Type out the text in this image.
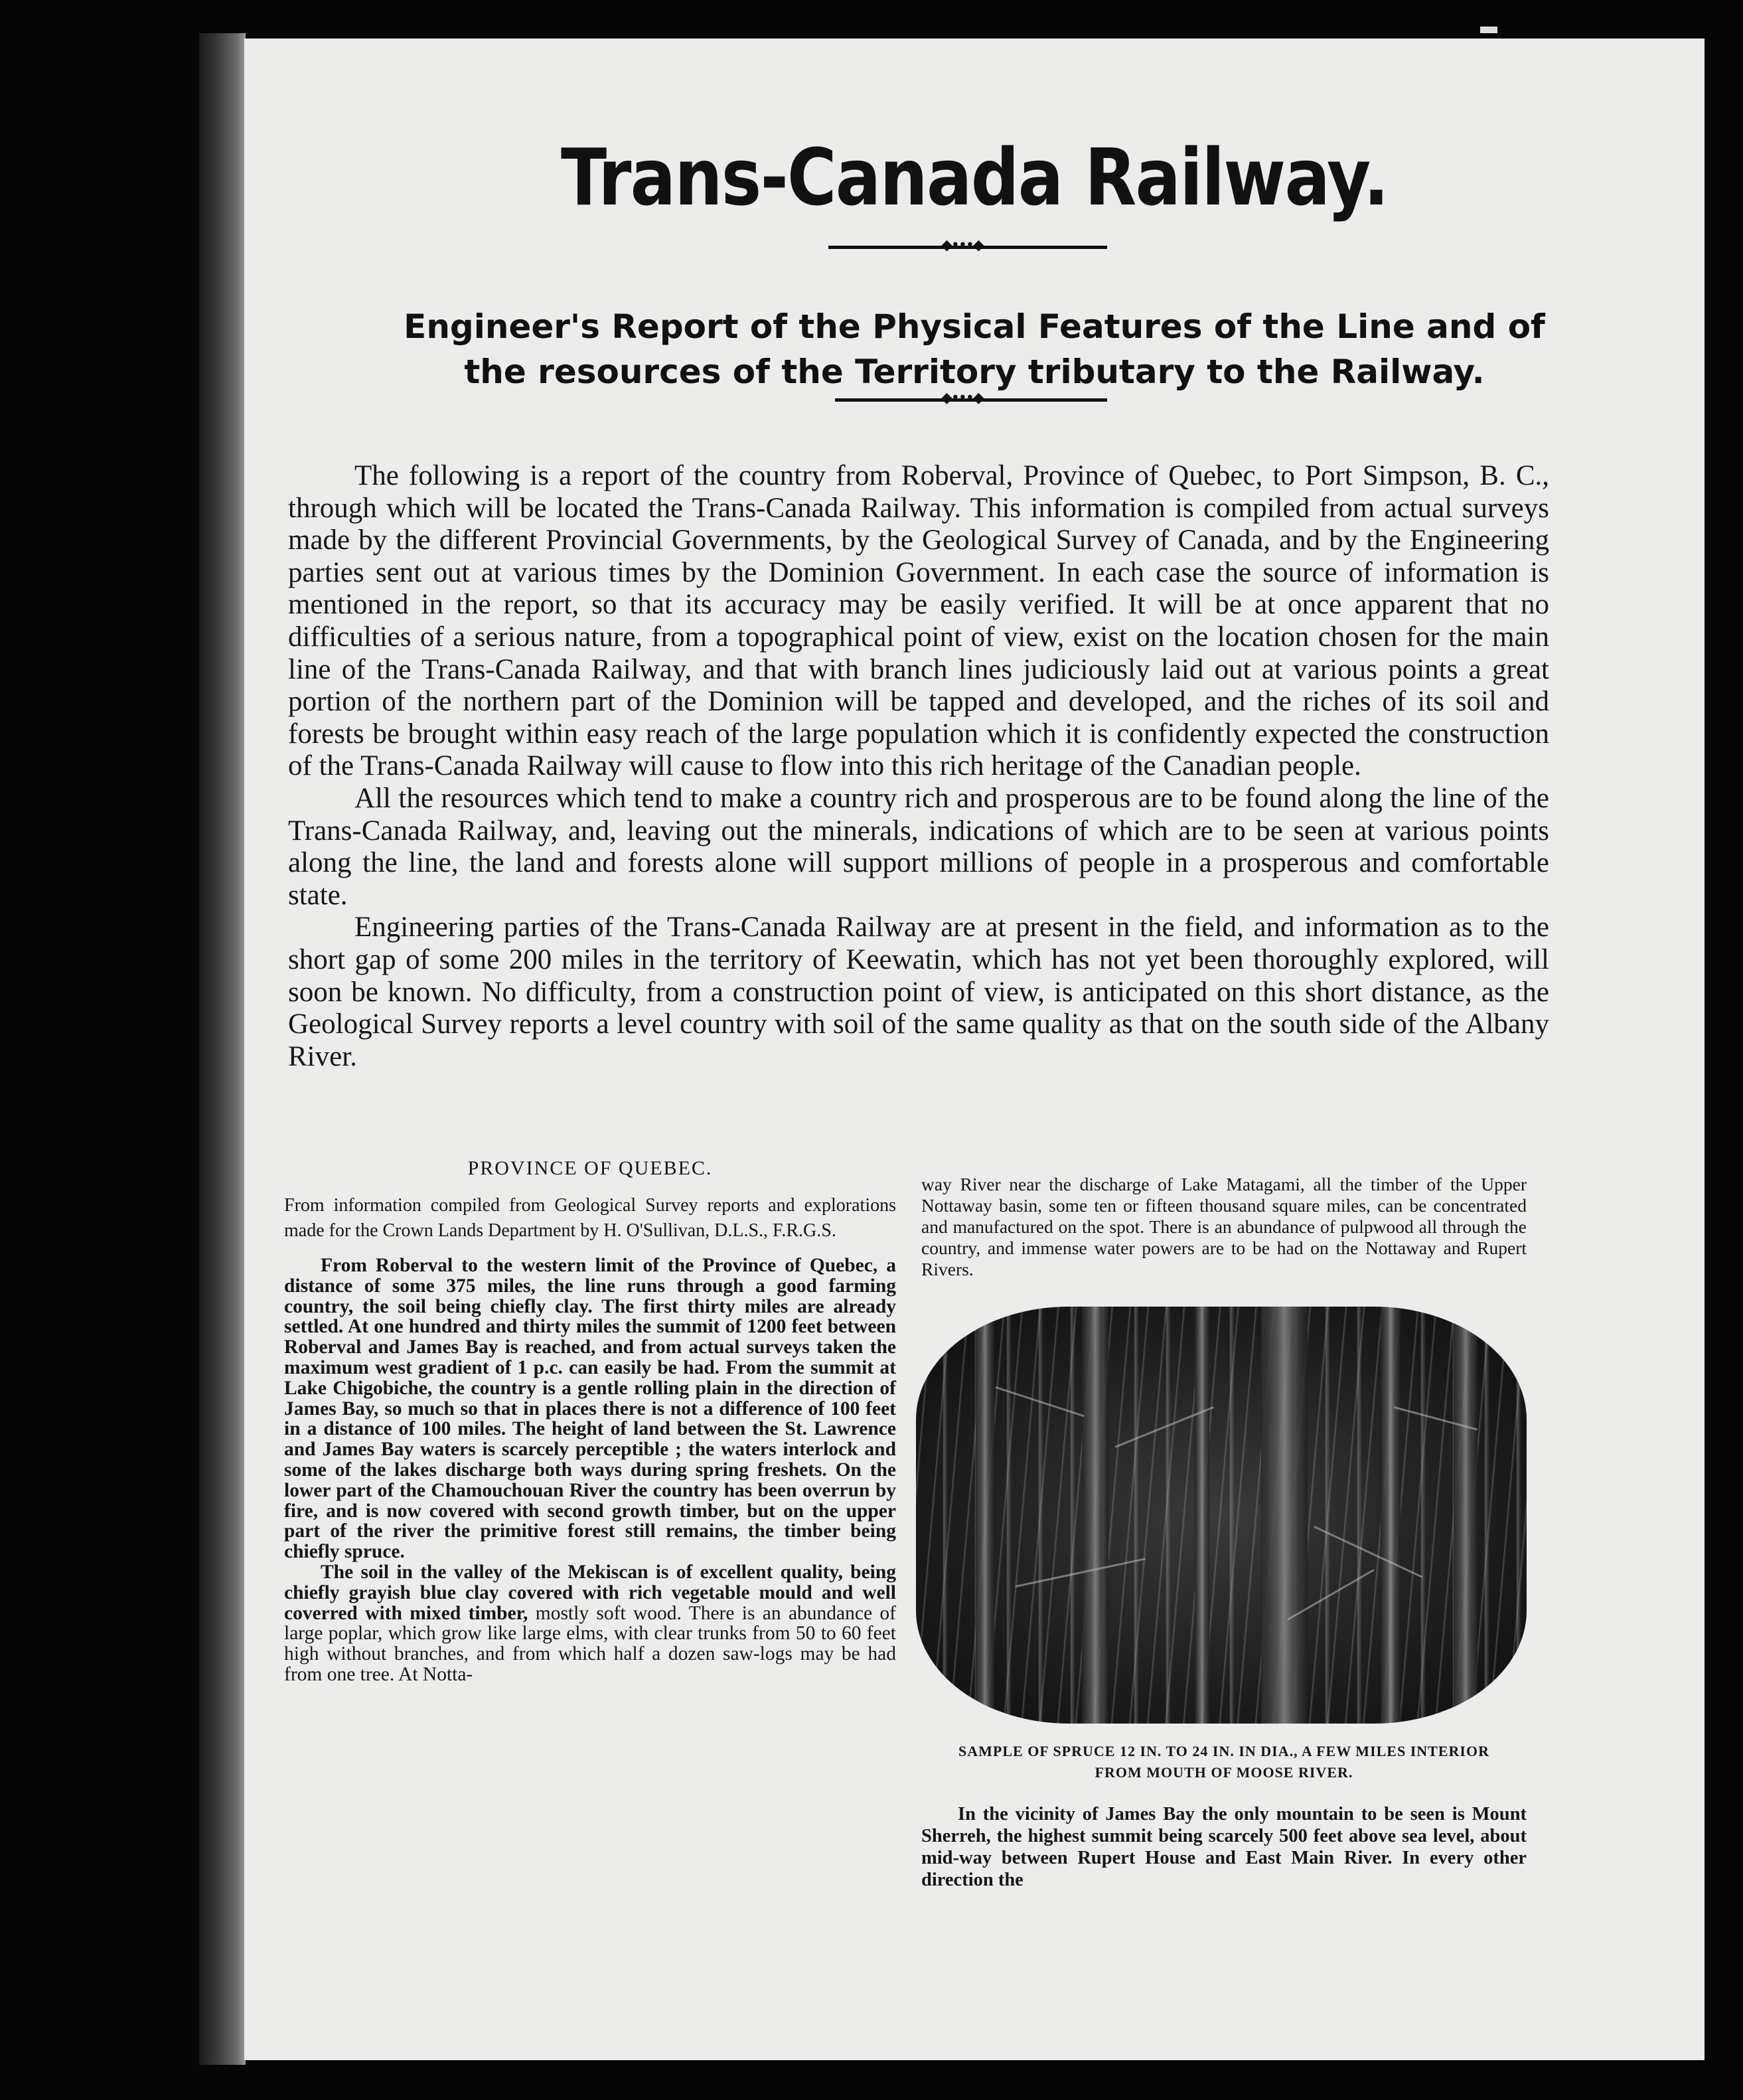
Trans-Canada Railway.
◆•••◆
Engineer's Report of the Physical Features of the Line and of
the resources of the Territory tributary to the Railway.
◆•••◆

The following is a report of the country from Roberval, Province of Quebec, to Port Simpson, B. C., through which will be located the Trans-Canada Railway. This information is compiled from actual surveys made by the different Provincial Governments, by the Geological Survey of Canada, and by the Engineering parties sent out at various times by the Dominion Government. In each case the source of information is mentioned in the report, so that its accuracy may be easily verified. It will be at once apparent that no difficulties of a serious nature, from a topographical point of view, exist on the location chosen for the main line of the Trans-Canada Railway, and that with branch lines judiciously laid out at various points a great portion of the northern part of the Dominion will be tapped and developed, and the riches of its soil and forests be brought within easy reach of the large population which it is confidently expected the construction of the Trans-Canada Railway will cause to flow into this rich heritage of the Canadian people.

All the resources which tend to make a country rich and prosperous are to be found along the line of the Trans-Canada Railway, and, leaving out the minerals, indications of which are to be seen at various points along the line, the land and forests alone will support millions of people in a prosperous and comfortable state.

Engineering parties of the Trans-Canada Railway are at present in the field, and information as to the short gap of some 200 miles in the territory of Keewatin, which has not yet been thoroughly explored, will soon be known. No difficulty, from a construction point of view, is anticipated on this short distance, as the Geological Survey reports a level country with soil of the same quality as that on the south side of the Albany River.

PROVINCE OF QUEBEC.

From information compiled from Geological Survey reports and explorations made for the Crown Lands Department by H. O'Sullivan, D.L.S., F.R.G.S.

From Roberval to the western limit of the Province of Quebec, a distance of some 375 miles, the line runs through a good farming country, the soil being chiefly clay. The first thirty miles are already settled. At one hundred and thirty miles the summit of 1200 feet between Roberval and James Bay is reached, and from actual surveys taken the maximum west gradient of 1 p.c. can easily be had. From the summit at Lake Chigobiche, the country is a gentle rolling plain in the direction of James Bay, so much so that in places there is not a difference of 100 feet in a distance of 100 miles. The height of land between the St. Lawrence and James Bay waters is scarcely perceptible ; the waters interlock and some of the lakes discharge both ways during spring freshets. On the lower part of the Chamouchouan River the country has been overrun by fire, and is now covered with second growth timber, but on the upper part of the river the primitive forest still remains, the timber being chiefly spruce.

The soil in the valley of the Mekiscan is of excellent quality, being chiefly grayish blue clay covered with rich vegetable mould and well coverred with mixed timber, mostly soft wood. There is an abundance of large poplar, which grow like large elms, with clear trunks from 50 to 60 feet high without branches, and from which half a dozen saw-logs may be had from one tree. At Notta-

way River near the discharge of Lake Matagami, all the timber of the Upper Nottaway basin, some ten or fifteen thousand square miles, can be concentrated and manufactured on the spot. There is an abundance of pulpwood all through the country, and immense water powers are to be had on the Nottaway and Rupert Rivers.

SAMPLE OF SPRUCE 12 IN. TO 24 IN. IN DIA., A FEW MILES INTERIOR
FROM MOUTH OF MOOSE RIVER.

In the vicinity of James Bay the only mountain to be seen is Mount Sherreh, the highest summit being scarcely 500 feet above sea level, about mid-way between Rupert House and East Main River. In every other direction the
